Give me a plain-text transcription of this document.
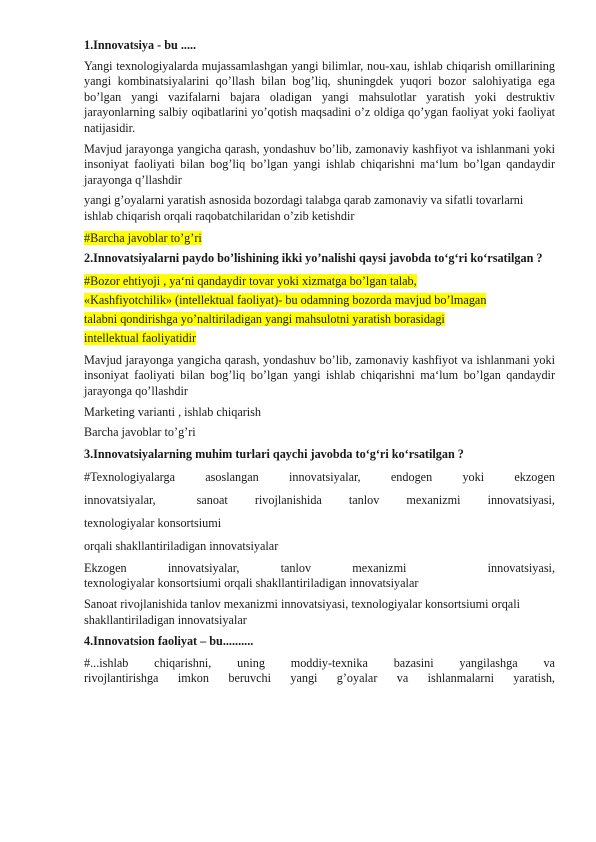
1.Innovatsiya - bu .....

Yangi texnologiyalarda mujassamlashgan yangi bilimlar, nou-xau, ishlab chiqarish omillarining yangi kombinatsiyalarini qo’llash bilan bog’liq, shuningdek yuqori bozor salohiyatiga ega bo’lgan yangi vazifalarni bajara oladigan yangi mahsulotlar yaratish yoki destruktiv jarayonlarning salbiy oqibatlarini yo’qotish maqsadini o’z oldiga qo’ygan faoliyat yoki faoliyat natijasidir.

Mavjud jarayonga yangicha qarash, yondashuv bo’lib, zamonaviy kashfiyot va ishlanmani yoki insoniyat faoliyati bilan bog’liq bo’lgan yangi ishlab chiqarishni ma‘lum bo’lgan qandaydir jarayonga q’llashdir

yangi g’oyalarni yaratish asnosida bozordagi talabga qarab zamonaviy va sifatli tovarlarni ishlab chiqarish orqali raqobatchilaridan o’zib ketishdir

#Barcha javoblar to’g’ri

2.Innovatsiyalarni paydo bo’lishining ikki yo’nalishi qaysi javobda to‘g‘ri ko‘rsatilgan ?

#Bozor ehtiyoji , ya‘ni qandaydir tovar yoki xizmatga bo’lgan talab,
«Kashfiyotchilik» (intellektual faoliyat)- bu odamning bozorda mavjud bo’lmagan
talabni qondirishga yo’naltiriladigan yangi mahsulotni yaratish borasidagi
intellektual faoliyatidir

Mavjud jarayonga yangicha qarash, yondashuv bo’lib, zamonaviy kashfiyot va ishlanmani yoki insoniyat faoliyati bilan bog’liq bo’lgan yangi ishlab chiqarishni ma‘lum bo’lgan qandaydir jarayonga qo’llashdir

Marketing varianti , ishlab chiqarish

Barcha javoblar to’g’ri

3.Innovatsiyalarning muhim turlari qaychi javobda to‘g‘ri ko‘rsatilgan ?

#Texnologiyalarga asoslangan innovatsiyalar, endogen yoki ekzogen
innovatsiyalar,	sanoat rivojlanishida tanlov mexanizmi innovatsiyasi,
texnologiyalar konsortsiumi

orqali shakllantiriladigan innovatsiyalar

Ekzogen	innovatsiyalar,	tanlov	mexanizmi	innovatsiyasi,
texnologiyalar konsortsiumi orqali shakllantiriladigan innovatsiyalar
Sanoat rivojlanishida tanlov mexanizmi innovatsiyasi, texnologiyalar konsortsiumi orqali
shakllantiriladigan innovatsiyalar

4.Innovatsion faoliyat – bu..........

#...ishlab chiqarishni, uning moddiy-texnika bazasini yangilashga va
rivojlantirishga imkon beruvchi yangi g’oyalar va ishlanmalarni yaratish,
